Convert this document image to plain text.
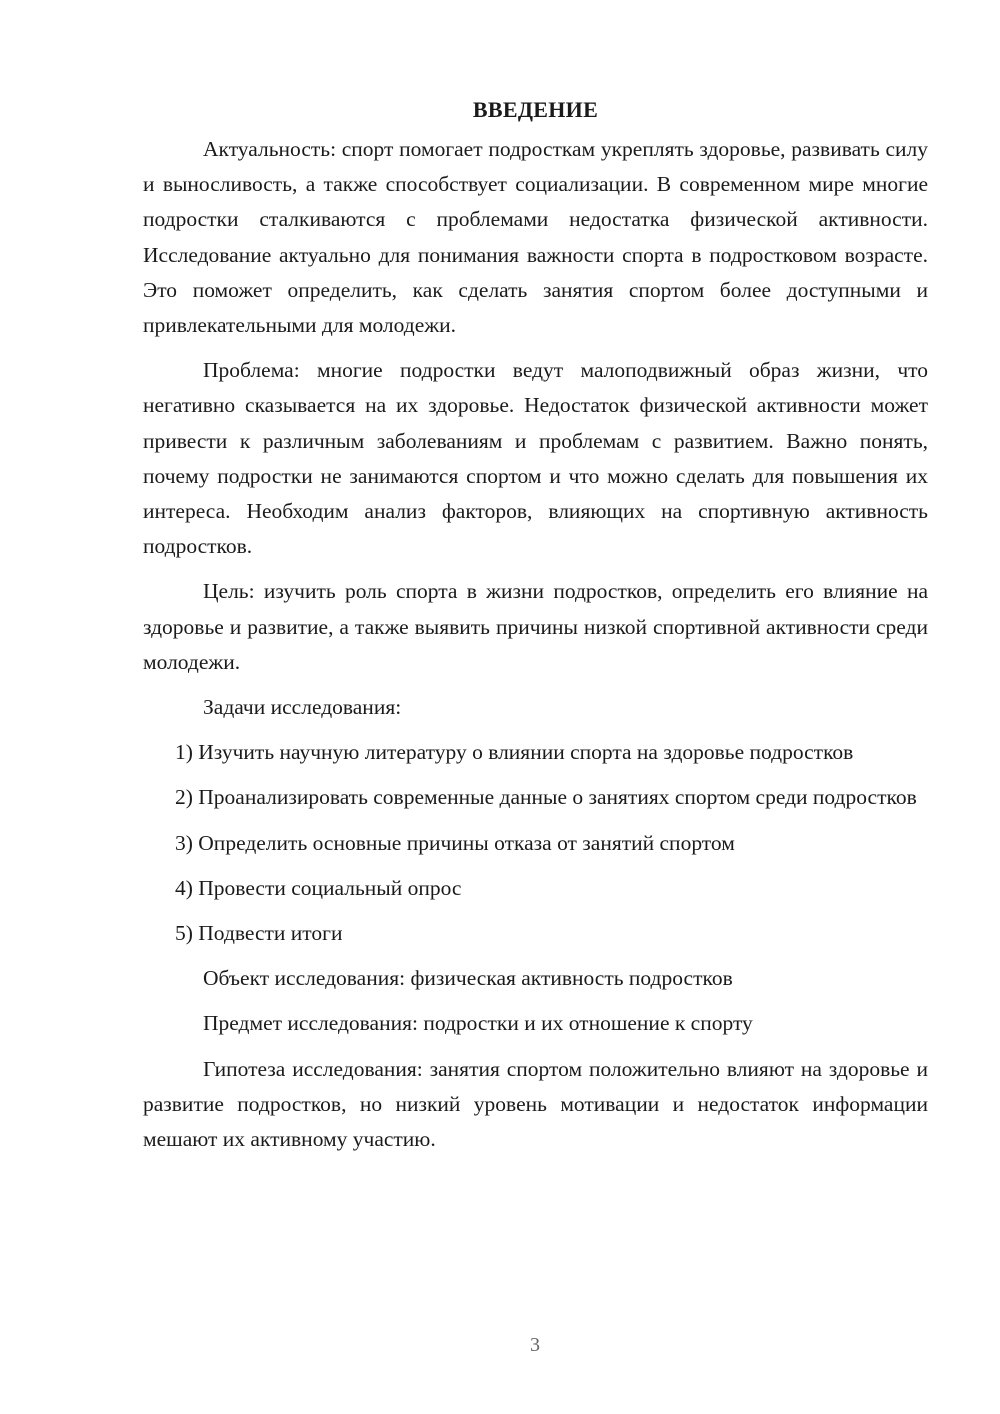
ВВЕДЕНИЕ

Актуальность: спорт помогает подросткам укреплять здоровье, развивать силу и выносливость, а также способствует социализации. В современном мире многие подростки сталкиваются с проблемами недостатка физической активности. Исследование актуально для понимания важности спорта в подростковом возрасте. Это поможет определить, как сделать занятия спортом более доступными и привлекательными для молодежи.

Проблема: многие подростки ведут малоподвижный образ жизни, что негативно сказывается на их здоровье. Недостаток физической активности может привести к различным заболеваниям и проблемам с развитием. Важно понять, почему подростки не занимаются спортом и что можно сделать для повышения их интереса. Необходим анализ факторов, влияющих на спортивную активность подростков.

Цель: изучить роль спорта в жизни подростков, определить его влияние на здоровье и развитие, а также выявить причины низкой спортивной активности среди молодежи.

Задачи исследования:

1) Изучить научную литературу о влиянии спорта на здоровье подростков

2) Проанализировать современные данные о занятиях спортом среди подростков

3) Определить основные причины отказа от занятий спортом

4) Провести социальный опрос

5) Подвести итоги

Объект исследования: физическая активность подростков

Предмет исследования: подростки и их отношение к спорту

Гипотеза исследования: занятия спортом положительно влияют на здоровье и развитие подростков, но низкий уровень мотивации и недостаток информации мешают их активному участию.

3
